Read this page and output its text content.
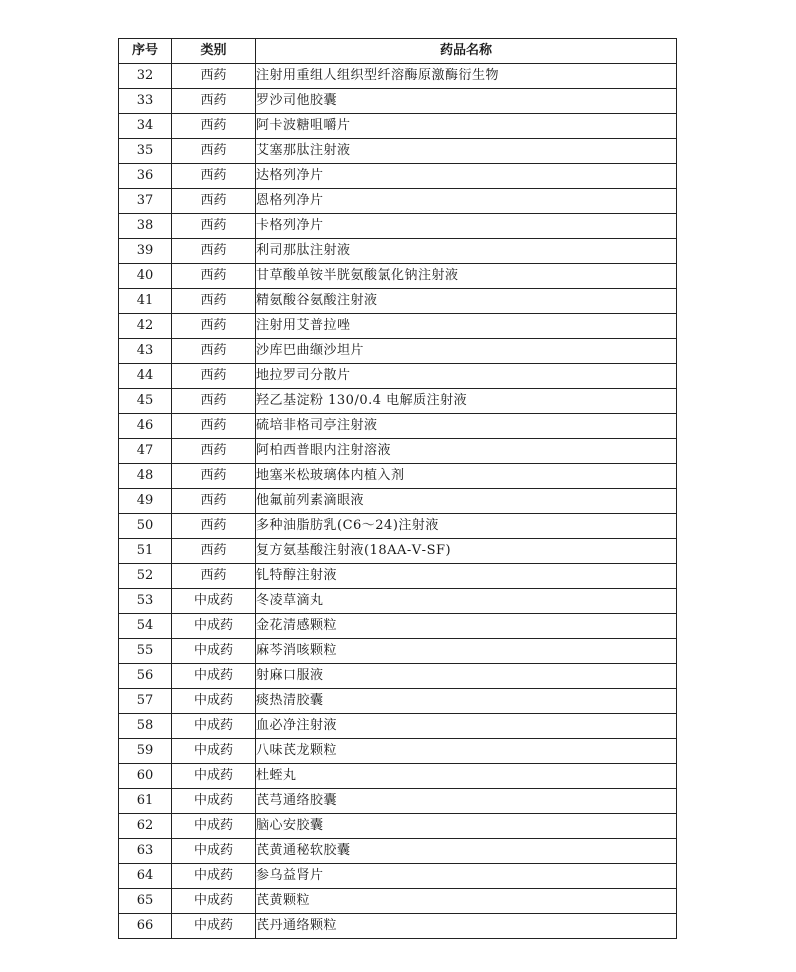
序号	类别	药品名称
32	西药	注射用重组人组织型纤溶酶原激酶衍生物
33	西药	罗沙司他胶囊
34	西药	阿卡波糖咀嚼片
35	西药	艾塞那肽注射液
36	西药	达格列净片
37	西药	恩格列净片
38	西药	卡格列净片
39	西药	利司那肽注射液
40	西药	甘草酸单铵半胱氨酸氯化钠注射液
41	西药	精氨酸谷氨酸注射液
42	西药	注射用艾普拉唑
43	西药	沙库巴曲缬沙坦片
44	西药	地拉罗司分散片
45	西药	羟乙基淀粉 130/0.4 电解质注射液
46	西药	硫培非格司亭注射液
47	西药	阿柏西普眼内注射溶液
48	西药	地塞米松玻璃体内植入剂
49	西药	他氟前列素滴眼液
50	西药	多种油脂肪乳(C6～24)注射液
51	西药	复方氨基酸注射液(18AA-Ⅴ-SF)
52	西药	钆特醇注射液
53	中成药	冬凌草滴丸
54	中成药	金花清感颗粒
55	中成药	麻芩消咳颗粒
56	中成药	射麻口服液
57	中成药	痰热清胶囊
58	中成药	血必净注射液
59	中成药	八味芪龙颗粒
60	中成药	杜蛭丸
61	中成药	芪芎通络胶囊
62	中成药	脑心安胶囊
63	中成药	芪黄通秘软胶囊
64	中成药	参乌益肾片
65	中成药	芪黄颗粒
66	中成药	芪丹通络颗粒
